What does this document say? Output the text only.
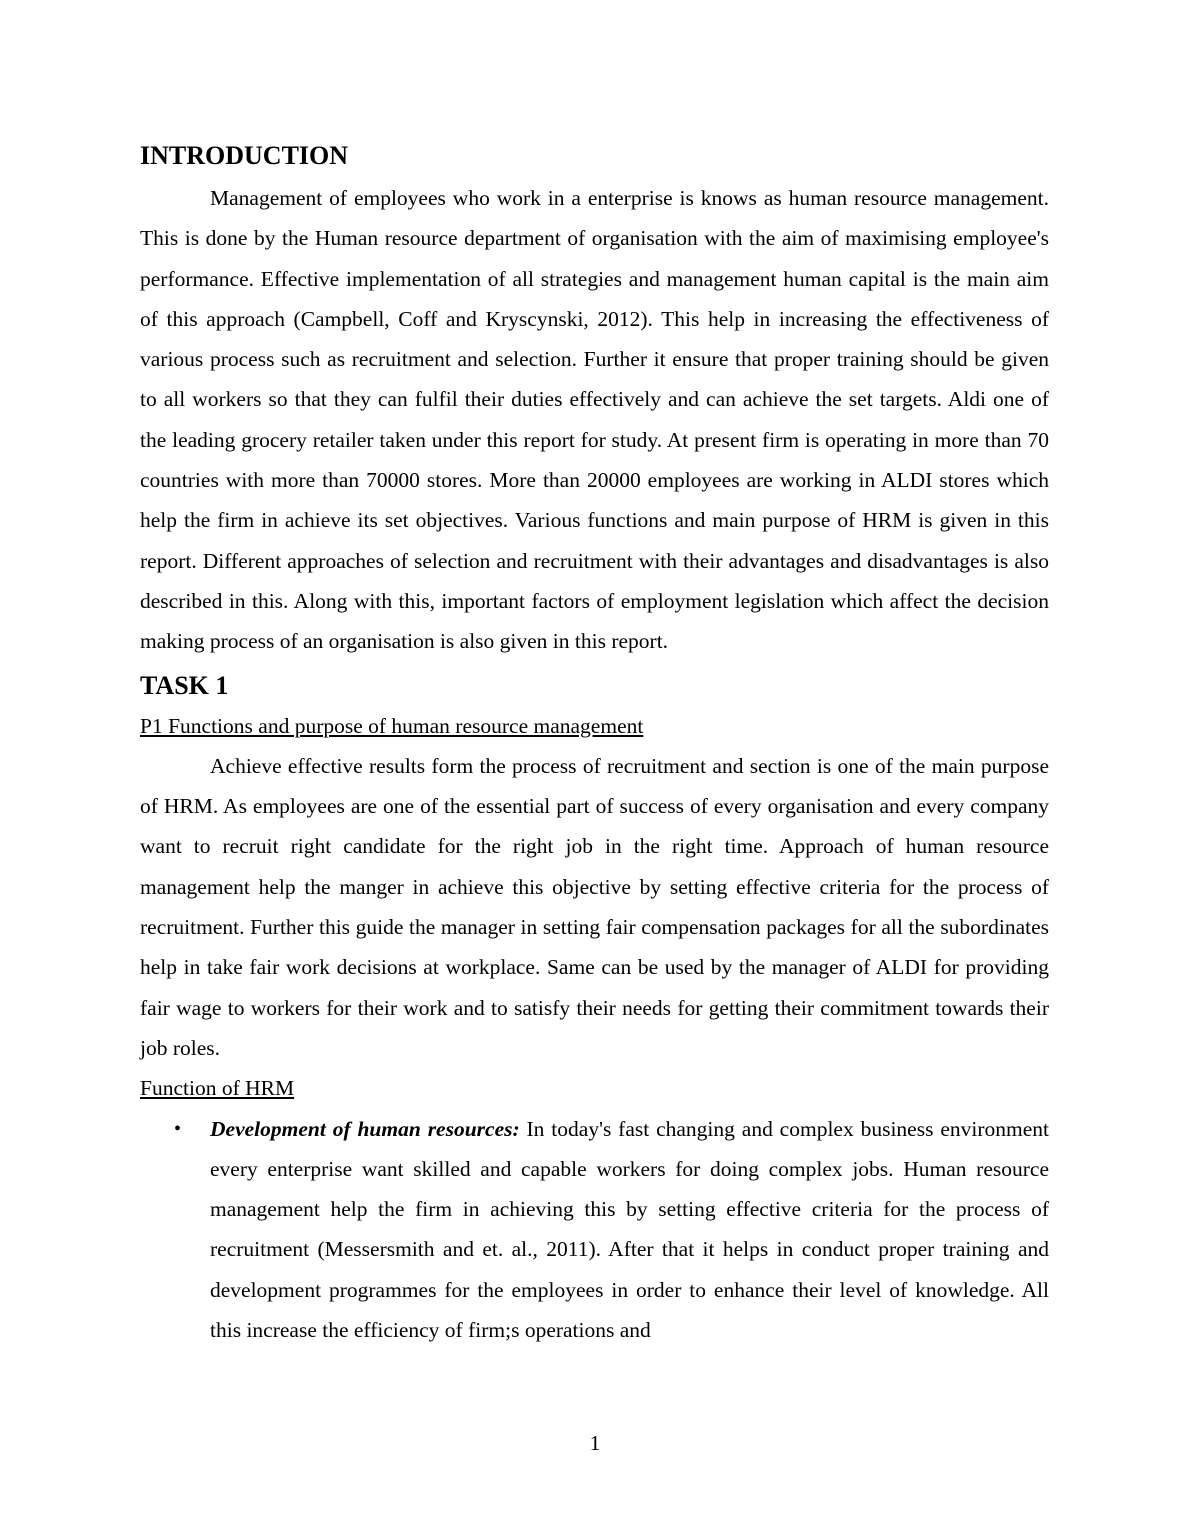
INTRODUCTION

Management of employees who work in a enterprise is knows as human resource management. This is done by the Human resource department of organisation with the aim of maximising employee's performance. Effective implementation of all strategies and management human capital is the main aim of this approach (Campbell, Coff and Kryscynski, 2012). This help in increasing the effectiveness of various process such as recruitment and selection. Further it ensure that proper training should be given to all workers so that they can fulfil their duties effectively and can achieve the set targets. Aldi one of the leading grocery retailer taken under this report for study. At present firm is operating in more than 70 countries with more than 70000 stores. More than 20000 employees are working in ALDI stores which help the firm in achieve its set objectives. Various functions and main purpose of HRM is given in this report. Different approaches of selection and recruitment with their advantages and disadvantages is also described in this. Along with this, important factors of employment legislation which affect the decision making process of an organisation is also given in this report.

TASK 1

P1 Functions and purpose of human resource management

Achieve effective results form the process of recruitment and section is one of the main purpose of HRM. As employees are one of the essential part of success of every organisation and every company want to recruit right candidate for the right job in the right time. Approach of human resource management help the manger in achieve this objective by setting effective criteria for the process of recruitment. Further this guide the manager in setting fair compensation packages for all the subordinates help in take fair work decisions at workplace. Same can be used by the manager of ALDI for providing fair wage to workers for their work and to satisfy their needs for getting their commitment towards their job roles.

Function of HRM

• Development of human resources: In today's fast changing and complex business environment every enterprise want skilled and capable workers for doing complex jobs. Human resource management help the firm in achieving this by setting effective criteria for the process of recruitment (Messersmith and et. al., 2011). After that it helps in conduct proper training and development programmes for the employees in order to enhance their level of knowledge. All this increase the efficiency of firm;s operations and
1
